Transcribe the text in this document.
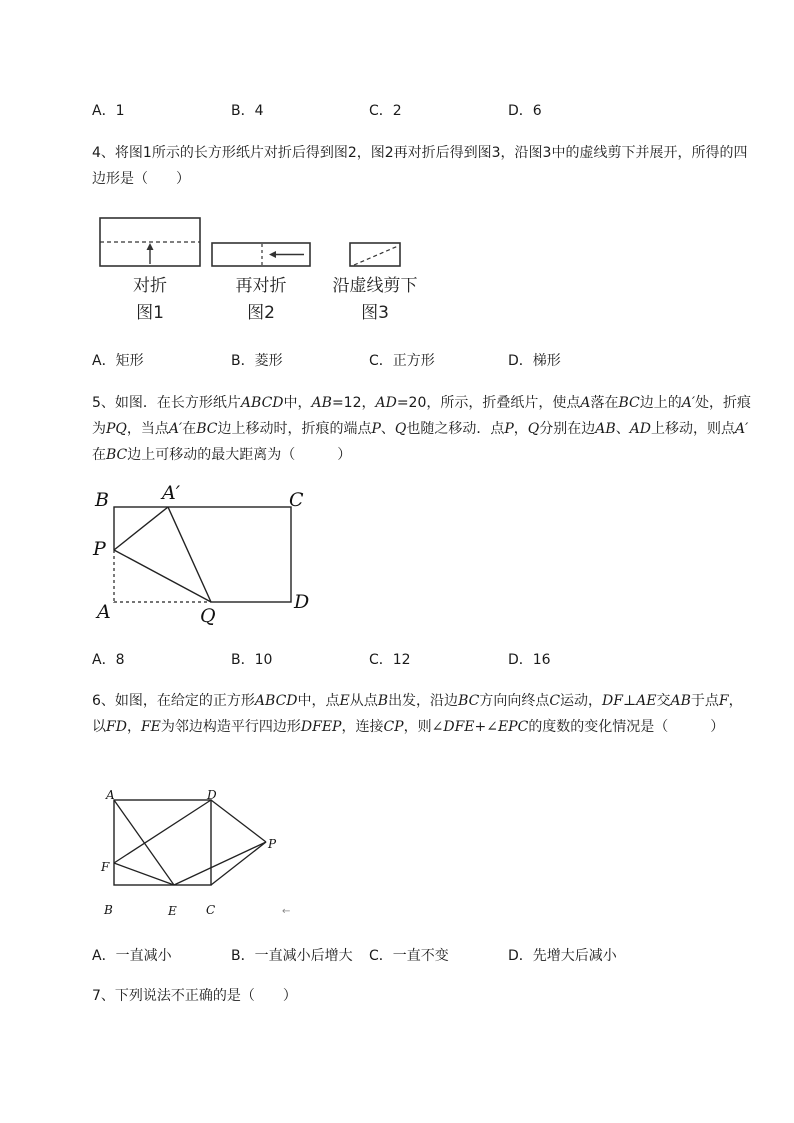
A．1	B．4	C．2	D．6
4、将图1所示的长方形纸片对折后得到图2，图2再对折后得到图3，沿图3中的虚线剪下并展开，所得的四边形是（　　）
对折
图1
再对折
图2
沿虚线剪下
图3
A．矩形	B．菱形	C．正方形	D．梯形
5、如图．在长方形纸片ABCD中，AB=12，AD=20，所示，折叠纸片，使点A落在BC边上的A′处，折痕为PQ，当点A′在BC边上移动时，折痕的端点P、Q也随之移动．点P，Q分别在边AB、AD上移动，则点A′在BC边上可移动的最大距离为（　　　）
B	A′	C
P
A	Q
D
A．8	B．10	C．12	D．16
6、如图，在给定的正方形ABCD中，点E从点B出发，沿边BC方向向终点C运动，DF⊥AE交AB于点F，以FD，FE为邻边构造平行四边形DFEP，连接CP，则∠DFE+∠EPC的度数的变化情况是（　　　）
A	D
P
F
B	E C	←
A．一直减小	B．一直减小后增大 C．一直不变	D．先增大后减小
7、下列说法不正确的是（　　）
